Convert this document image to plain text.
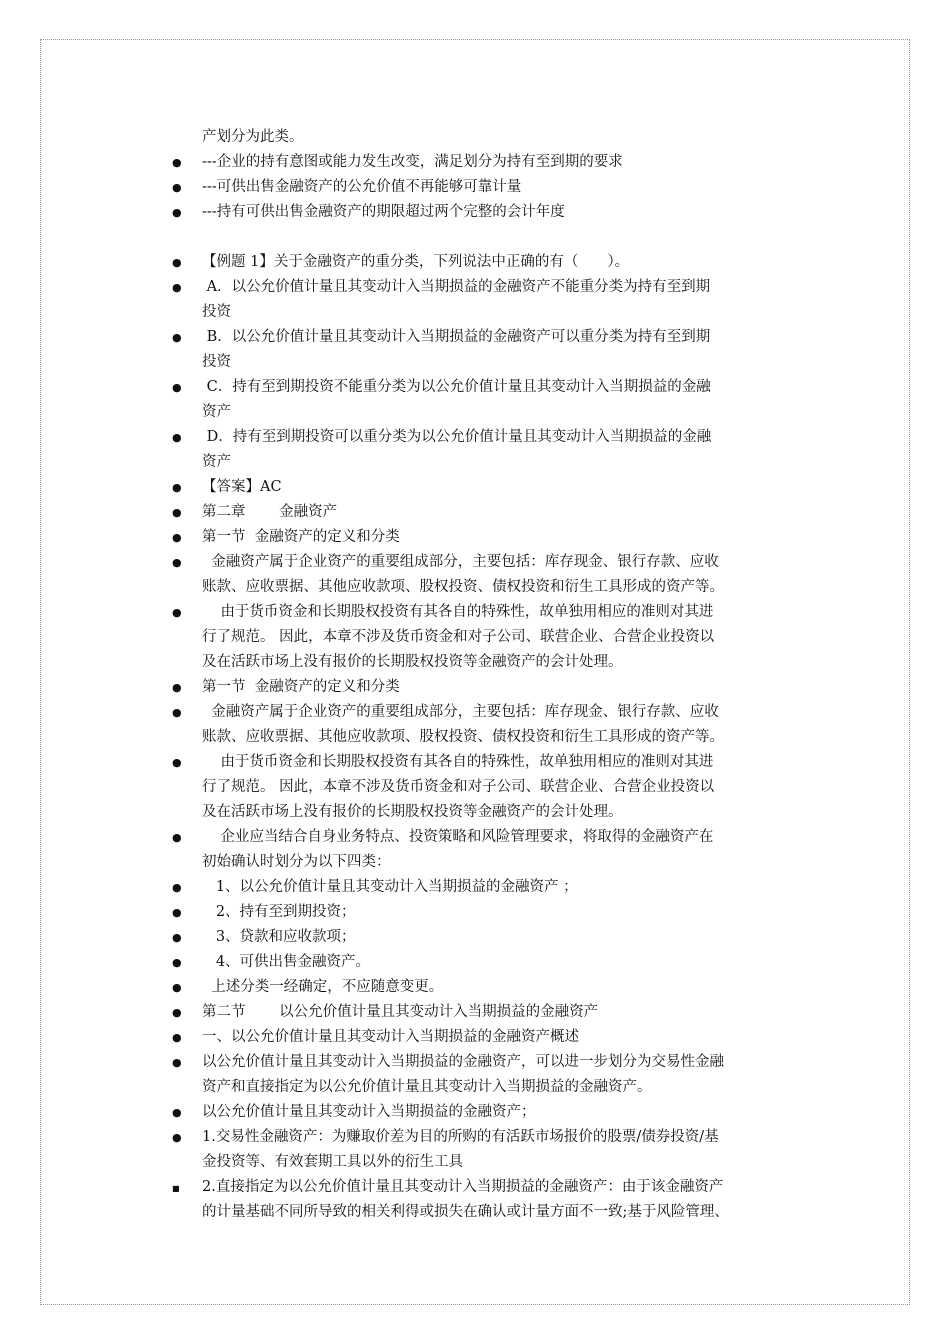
产划分为此类。
●
---企业的持有意图或能力发生改变，满足划分为持有至到期的要求
●
---可供出售金融资产的公允价值不再能够可靠计量
●
---持有可供出售金融资产的期限超过两个完整的会计年度
●
【例题 1】关于金融资产的重分类，下列说法中正确的有（　　）。
●
A．以公允价值计量且其变动计入当期损益的金融资产不能重分类为持有至到期
投资
●
B．以公允价值计量且其变动计入当期损益的金融资产可以重分类为持有至到期
投资
●
C．持有至到期投资不能重分类为以公允价值计量且其变动计入当期损益的金融
资产
●
D．持有至到期投资可以重分类为以公允价值计量且其变动计入当期损益的金融
资产
●
【答案】AC
●
第二章　　 金融资产
●
第一节  金融资产的定义和分类
●
金融资产属于企业资产的重要组成部分，主要包括：库存现金、银行存款、应收
账款、应收票据、其他应收款项、股权投资、债权投资和衍生工具形成的资产等。
●
由于货币资金和长期股权投资有其各自的特殊性，故单独用相应的准则对其进
行了规范。 因此，本章不涉及货币资金和对子公司、联营企业、合营企业投资以
及在活跃市场上没有报价的长期股权投资等金融资产的会计处理。
●
第一节  金融资产的定义和分类
●
金融资产属于企业资产的重要组成部分，主要包括：库存现金、银行存款、应收
账款、应收票据、其他应收款项、股权投资、债权投资和衍生工具形成的资产等。
●
由于货币资金和长期股权投资有其各自的特殊性，故单独用相应的准则对其进
行了规范。 因此，本章不涉及货币资金和对子公司、联营企业、合营企业投资以
及在活跃市场上没有报价的长期股权投资等金融资产的会计处理。
●
企业应当结合自身业务特点、投资策略和风险管理要求，将取得的金融资产在
初始确认时划分为以下四类：
●
1、以公允价值计量且其变动计入当期损益的金融资产 ；
●
2、持有至到期投资；
●
3、贷款和应收款项；
●
4、可供出售金融资产。
●
上述分类一经确定，不应随意变更。
●
第二节　　 以公允价值计量且其变动计入当期损益的金融资产
●
一、以公允价值计量且其变动计入当期损益的金融资产概述
●
以公允价值计量且其变动计入当期损益的金融资产，可以进一步划分为交易性金融
资产和直接指定为以公允价值计量且其变动计入当期损益的金融资产。
●
以公允价值计量且其变动计入当期损益的金融资产；
●
1.交易性金融资产：为赚取价差为目的所购的有活跃市场报价的股票/债券投资/基
金投资等、有效套期工具以外的衍生工具
■
2.直接指定为以公允价值计量且其变动计入当期损益的金融资产：由于该金融资产
的计量基础不同所导致的相关利得或损失在确认或计量方面不一致;基于风险管理、
